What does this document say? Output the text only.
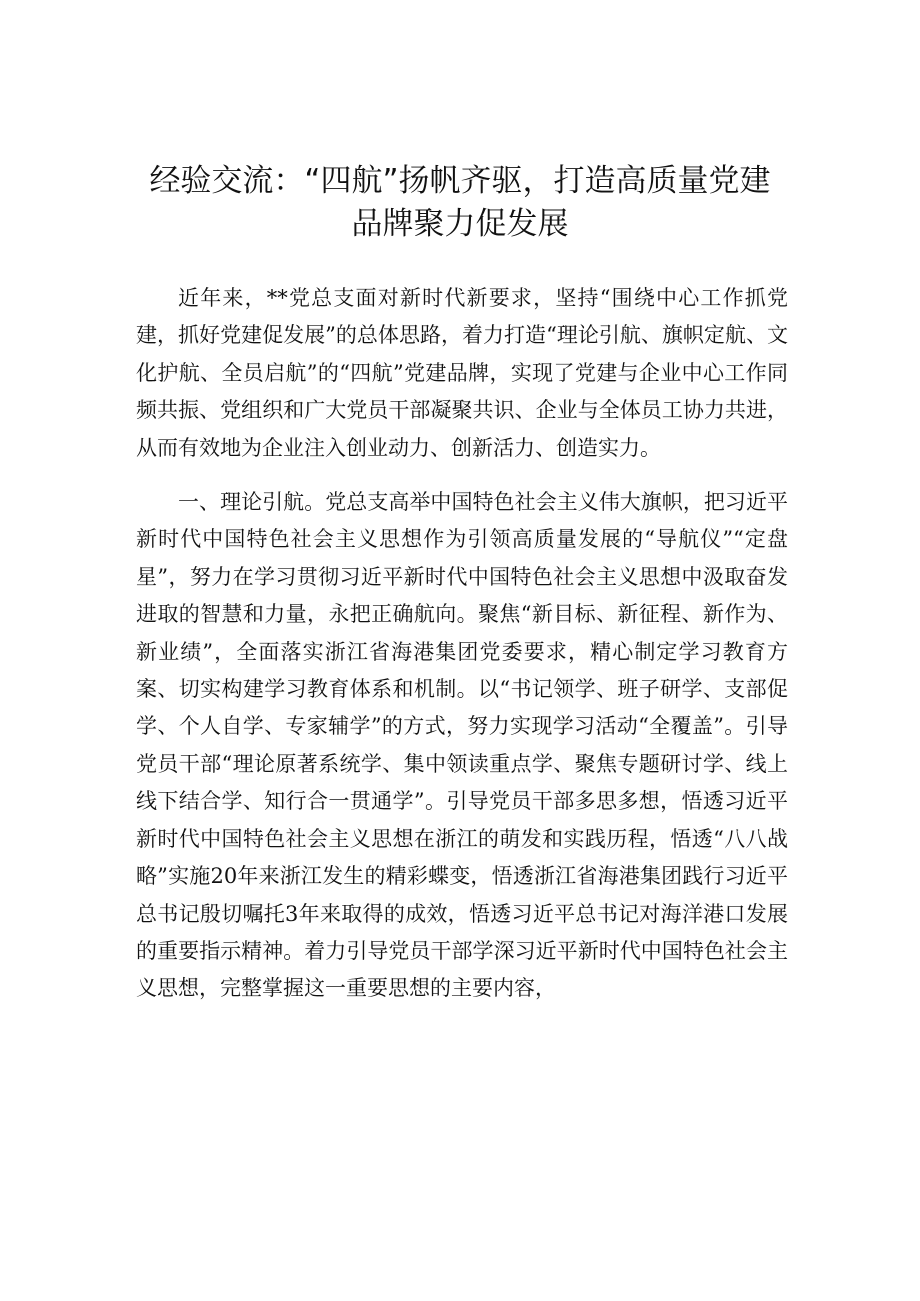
经验交流：“四航”扬帆齐驱，打造高质量党建
品牌聚力促发展

近年来，**党总支面对新时代新要求，坚持“围绕中心工作抓党建，抓好党建促发展”的总体思路，着力打造“理论引航、旗帜定航、文化护航、全员启航”的“四航”党建品牌，实现了党建与企业中心工作同频共振、党组织和广大党员干部凝聚共识、企业与全体员工协力共进，从而有效地为企业注入创业动力、创新活力、创造实力。

一、理论引航。党总支高举中国特色社会主义伟大旗帜，把习近平新时代中国特色社会主义思想作为引领高质量发展的“导航仪”“定盘星”，努力在学习贯彻习近平新时代中国特色社会主义思想中汲取奋发进取的智慧和力量，永把正确航向。聚焦“新目标、新征程、新作为、新业绩”，全面落实浙江省海港集团党委要求，精心制定学习教育方案、切实构建学习教育体系和机制。以“书记领学、班子研学、支部促学、个人自学、专家辅学”的方式，努力实现学习活动“全覆盖”。引导党员干部“理论原著系统学、集中领读重点学、聚焦专题研讨学、线上线下结合学、知行合一贯通学”。引导党员干部多思多想，悟透习近平新时代中国特色社会主义思想在浙江的萌发和实践历程，悟透“八八战略”实施20年来浙江发生的精彩蝶变，悟透浙江省海港集团践行习近平总书记殷切嘱托3年来取得的成效，悟透习近平总书记对海洋港口发展的重要指示精神。着力引导党员干部学深习近平新时代中国特色社会主义思想，完整掌握这一重要思想的主要内容，
